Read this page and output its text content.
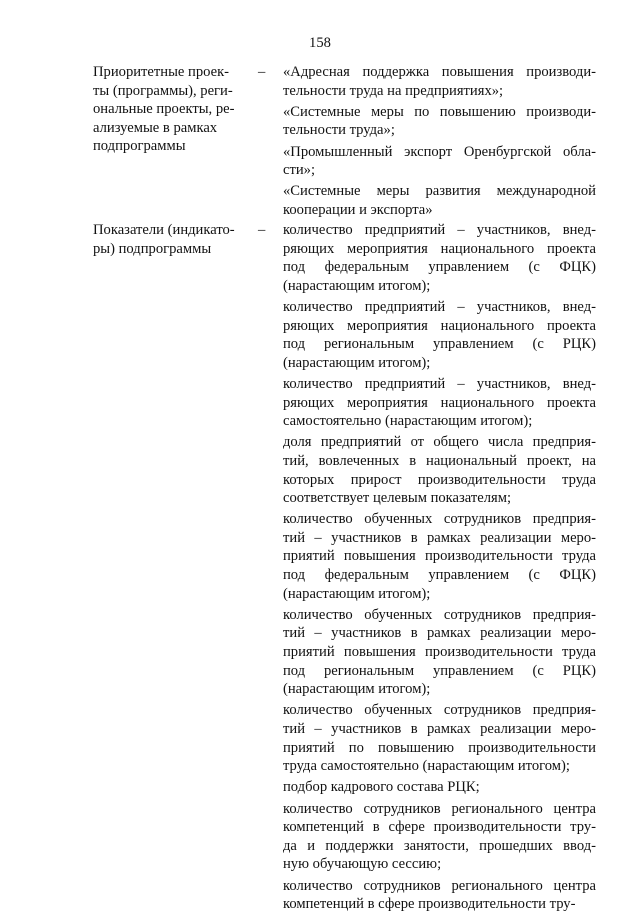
158
Приоритетные проек-
ты (программы), реги-
ональные проекты, ре-
ализуемые в рамках
подпрограммы
–	«Адресная поддержка повышения производи-
тельности труда на предприятиях»;
«Системные меры по повышению производи-
тельности труда»;
«Промышленный экспорт Оренбургской обла-
сти»;
«Системные меры развития международной
кооперации и экспорта»
Показатели (индикато-
ры) подпрограммы
–	количество предприятий – участников, внед-
ряющих мероприятия национального проекта
под федеральным управлением (с ФЦК)
(нарастающим итогом);
количество предприятий – участников, внед-
ряющих мероприятия национального проекта
под региональным управлением (с РЦК)
(нарастающим итогом);
количество предприятий – участников, внед-
ряющих мероприятия национального проекта
самостоятельно (нарастающим итогом);
доля предприятий от общего числа предприя-
тий, вовлеченных в национальный проект, на
которых прирост производительности труда
соответствует целевым показателям;
количество обученных сотрудников предприя-
тий – участников в рамках реализации меро-
приятий повышения производительности труда
под федеральным управлением (с ФЦК)
(нарастающим итогом);
количество обученных сотрудников предприя-
тий – участников в рамках реализации меро-
приятий повышения производительности труда
под региональным управлением (с РЦК)
(нарастающим итогом);
количество обученных сотрудников предприя-
тий – участников в рамках реализации меро-
приятий по повышению производительности
труда самостоятельно (нарастающим итогом);
подбор кадрового состава РЦК;
количество сотрудников регионального центра
компетенций в сфере производительности тру-
да и поддержки занятости, прошедших ввод-
ную обучающую сессию;
количество сотрудников регионального центра
компетенций в сфере производительности тру-
